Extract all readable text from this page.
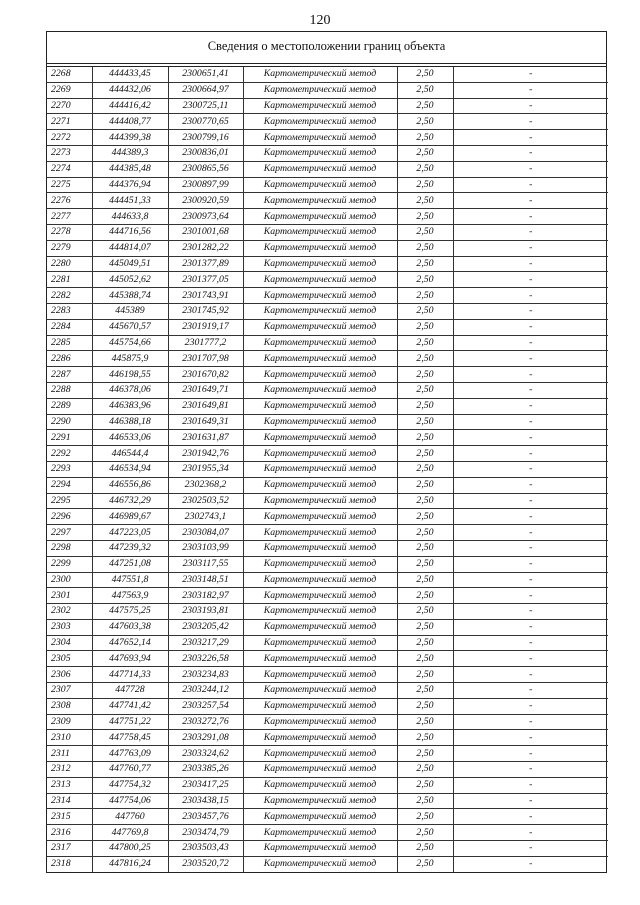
120
Сведения о местоположении границ объекта
2268	444433,45	2300651,41	Картометрический метод	2,50	-
2269	444432,06	2300664,97	Картометрический метод	2,50	-
2270	444416,42	2300725,11	Картометрический метод	2,50	-
2271	444408,77	2300770,65	Картометрический метод	2,50	-
2272	444399,38	2300799,16	Картометрический метод	2,50	-
2273	444389,3	2300836,01	Картометрический метод	2,50	-
2274	444385,48	2300865,56	Картометрический метод	2,50	-
2275	444376,94	2300897,99	Картометрический метод	2,50	-
2276	444451,33	2300920,59	Картометрический метод	2,50	-
2277	444633,8	2300973,64	Картометрический метод	2,50	-
2278	444716,56	2301001,68	Картометрический метод	2,50	-
2279	444814,07	2301282,22	Картометрический метод	2,50	-
2280	445049,51	2301377,89	Картометрический метод	2,50	-
2281	445052,62	2301377,05	Картометрический метод	2,50	-
2282	445388,74	2301743,91	Картометрический метод	2,50	-
2283	445389	2301745,92	Картометрический метод	2,50	-
2284	445670,57	2301919,17	Картометрический метод	2,50	-
2285	445754,66	2301777,2	Картометрический метод	2,50	-
2286	445875,9	2301707,98	Картометрический метод	2,50	-
2287	446198,55	2301670,82	Картометрический метод	2,50	-
2288	446378,06	2301649,71	Картометрический метод	2,50	-
2289	446383,96	2301649,81	Картометрический метод	2,50	-
2290	446388,18	2301649,31	Картометрический метод	2,50	-
2291	446533,06	2301631,87	Картометрический метод	2,50	-
2292	446544,4	2301942,76	Картометрический метод	2,50	-
2293	446534,94	2301955,34	Картометрический метод	2,50	-
2294	446556,86	2302368,2	Картометрический метод	2,50	-
2295	446732,29	2302503,52	Картометрический метод	2,50	-
2296	446989,67	2302743,1	Картометрический метод	2,50	-
2297	447223,05	2303084,07	Картометрический метод	2,50	-
2298	447239,32	2303103,99	Картометрический метод	2,50	-
2299	447251,08	2303117,55	Картометрический метод	2,50	-
2300	447551,8	2303148,51	Картометрический метод	2,50	-
2301	447563,9	2303182,97	Картометрический метод	2,50	-
2302	447575,25	2303193,81	Картометрический метод	2,50	-
2303	447603,38	2303205,42	Картометрический метод	2,50	-
2304	447652,14	2303217,29	Картометрический метод	2,50	-
2305	447693,94	2303226,58	Картометрический метод	2,50	-
2306	447714,33	2303234,83	Картометрический метод	2,50	-
2307	447728	2303244,12	Картометрический метод	2,50	-
2308	447741,42	2303257,54	Картометрический метод	2,50	-
2309	447751,22	2303272,76	Картометрический метод	2,50	-
2310	447758,45	2303291,08	Картометрический метод	2,50	-
2311	447763,09	2303324,62	Картометрический метод	2,50	-
2312	447760,77	2303385,26	Картометрический метод	2,50	-
2313	447754,32	2303417,25	Картометрический метод	2,50	-
2314	447754,06	2303438,15	Картометрический метод	2,50	-
2315	447760	2303457,76	Картометрический метод	2,50	-
2316	447769,8	2303474,79	Картометрический метод	2,50	-
2317	447800,25	2303503,43	Картометрический метод	2,50	-
2318	447816,24	2303520,72	Картометрический метод	2,50	-
